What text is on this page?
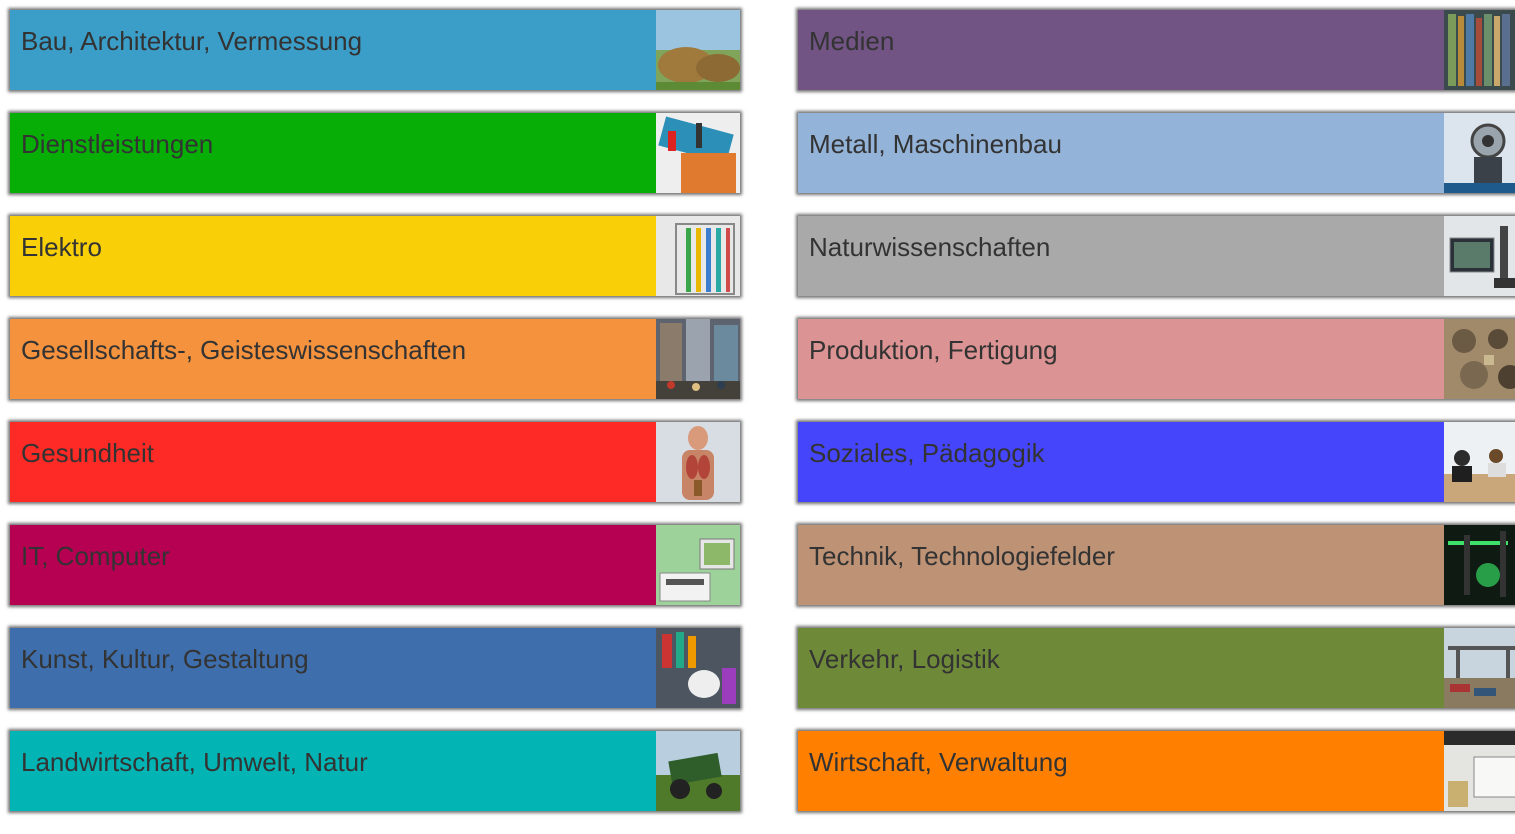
Bau, Architektur, Vermessung
Dienstleistungen
Elektro
Gesellschafts-, Geisteswissenschaften
Gesundheit
IT, Computer
Kunst, Kultur, Gestaltung
Landwirtschaft, Umwelt, Natur
Medien
Metall, Maschinenbau
Naturwissenschaften
Produktion, Fertigung
Soziales, Pädagogik
Technik, Technologiefelder
Verkehr, Logistik
Wirtschaft, Verwaltung
